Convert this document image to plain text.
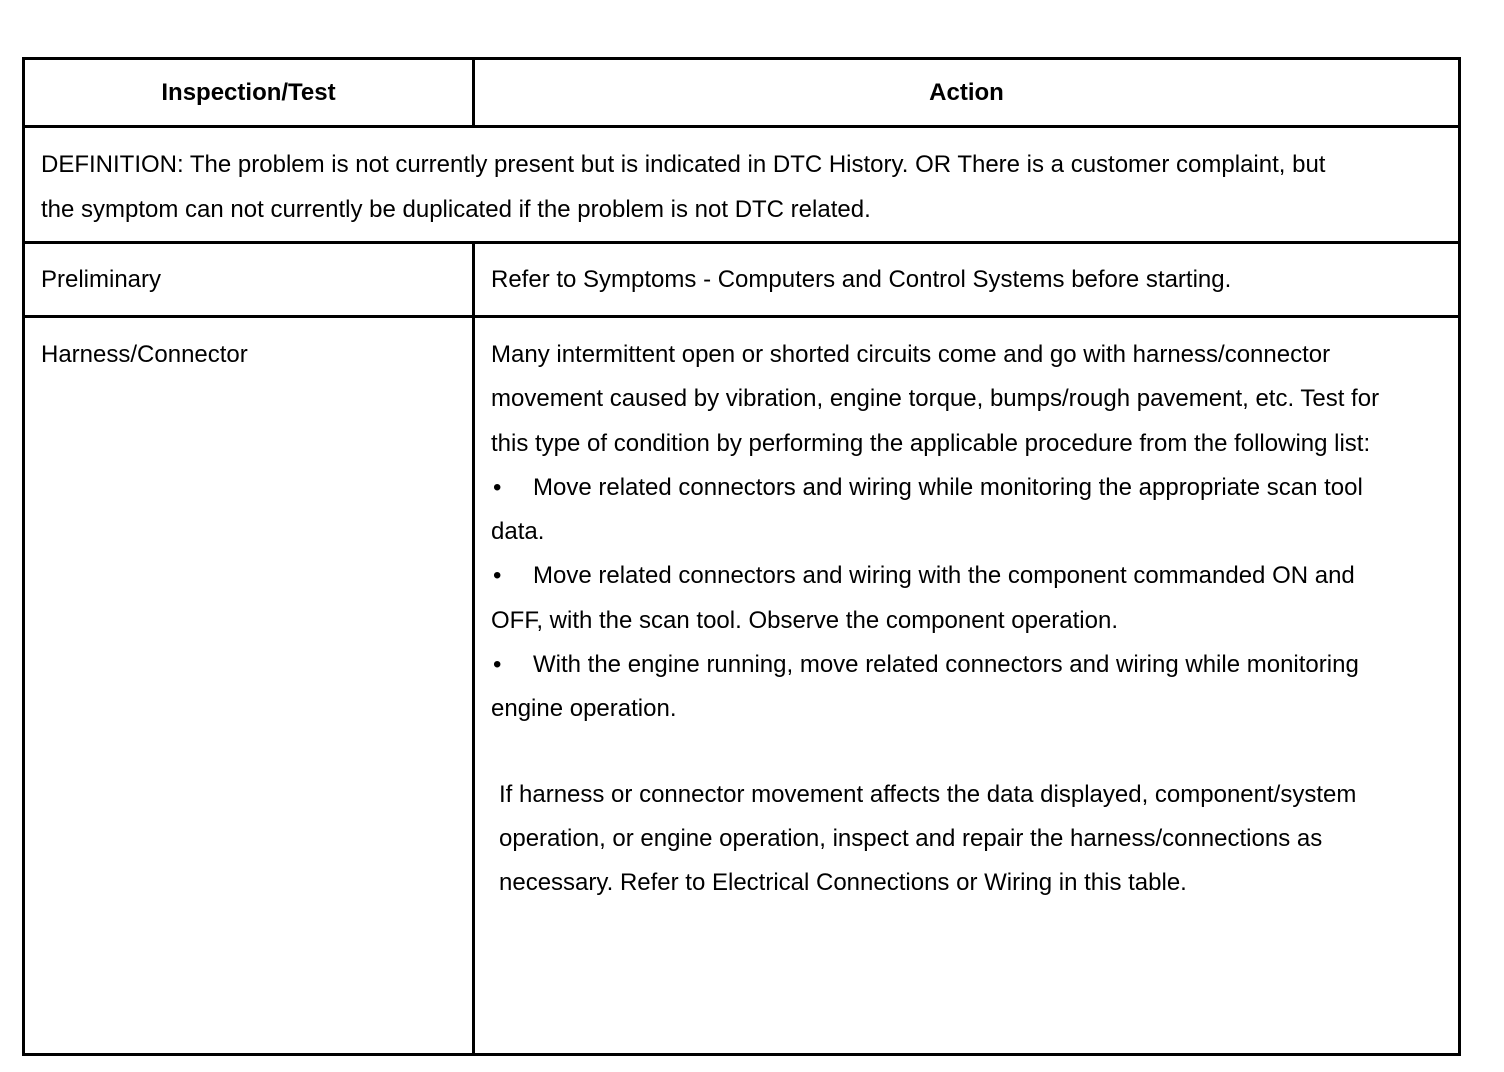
Inspection/Test	Action

DEFINITION: The problem is not currently present but is indicated in DTC History. OR There is a customer complaint, but the symptom can not currently be duplicated if the problem is not DTC related.	

Preliminary	Refer to Symptoms - Computers and Control Systems before starting.

Harness/Connector	Many intermittent open or shorted circuits come and go with harness/connector movement caused by vibration, engine torque, bumps/rough pavement, etc. Test for this type of condition by performing the applicable procedure from the following list:

• Move related connectors and wiring while monitoring the appropriate scan tool data.

• Move related connectors and wiring with the component commanded ON and OFF, with the scan tool. Observe the component operation.

• With the engine running, move related connectors and wiring while monitoring engine operation.

If harness or connector movement affects the data displayed, component/system operation, or engine operation, inspect and repair the harness/connections as necessary. Refer to Electrical Connections or Wiring in this table.
